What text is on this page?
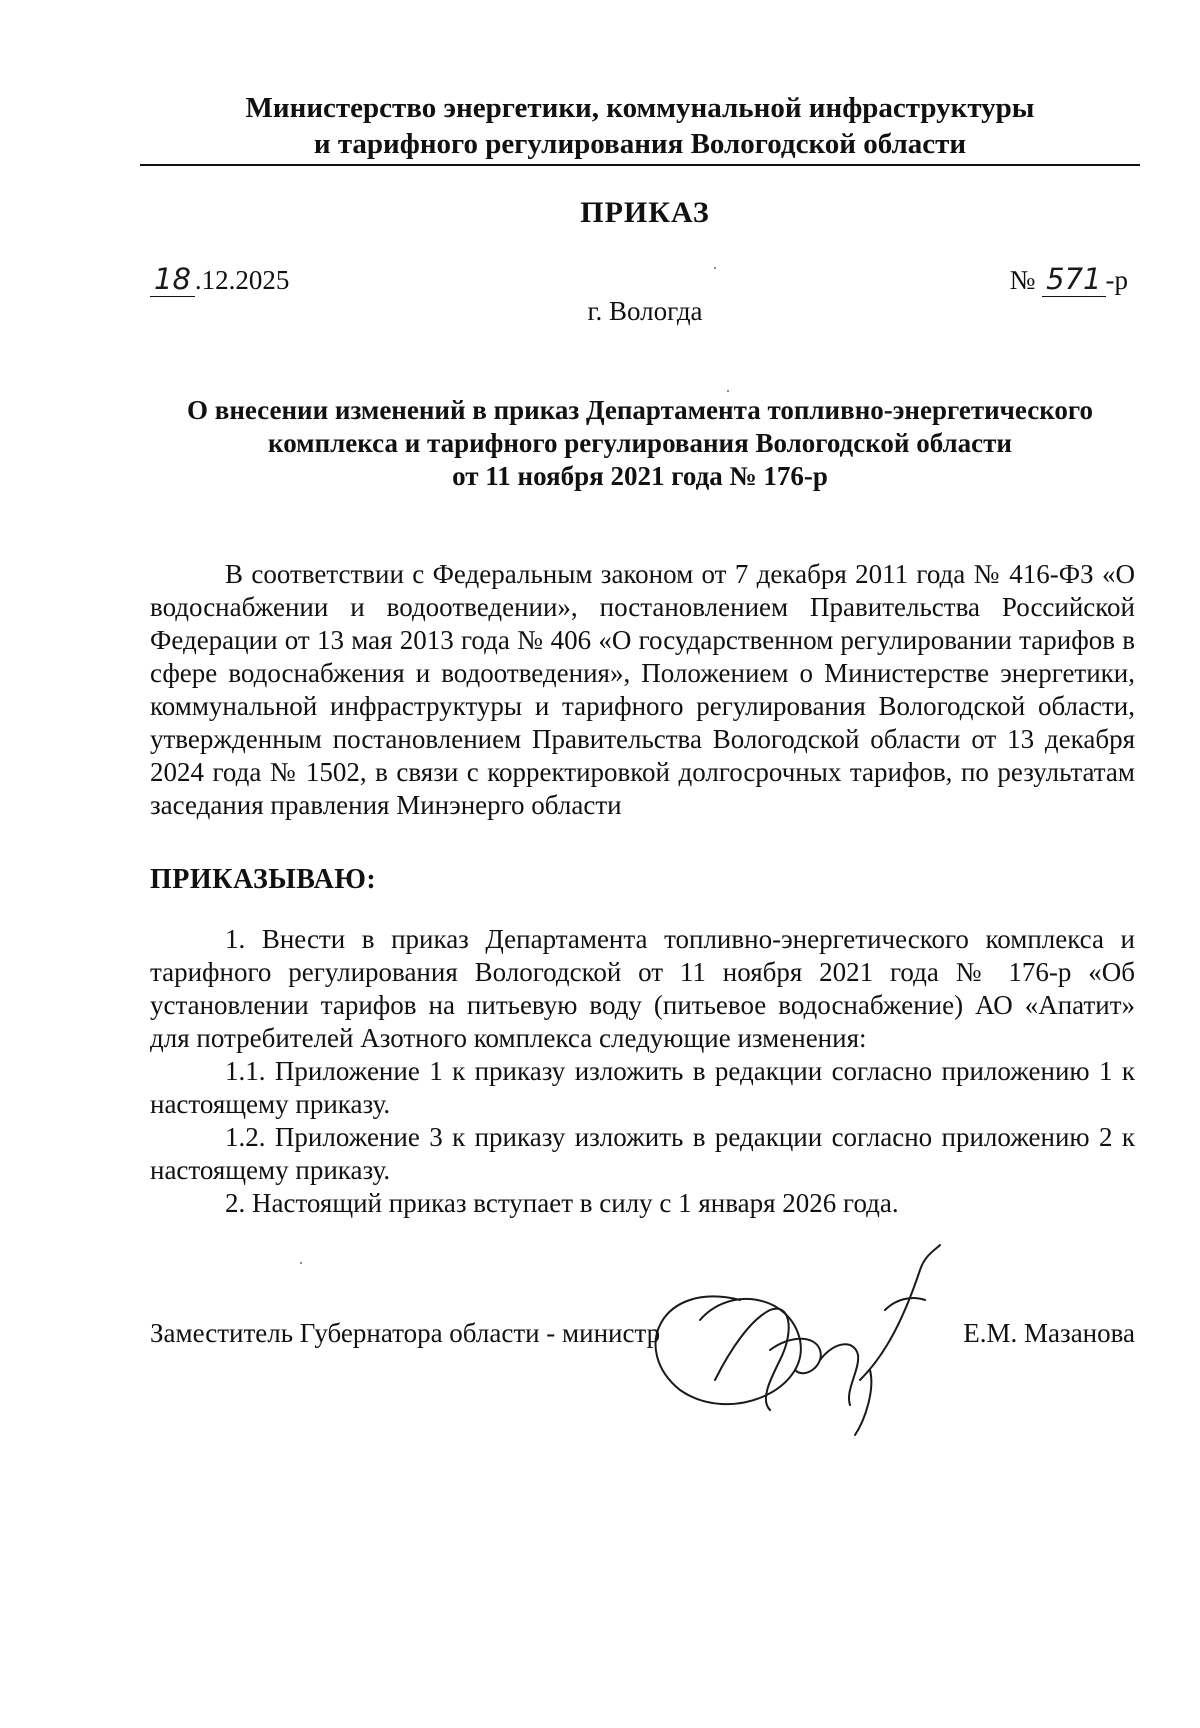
Министерство энергетики, коммунальной инфраструктуры
и тарифного регулирования Вологодской области
ПРИКАЗ
18 .12.2025	№ 571 -р
г. Вологда
О внесении изменений в приказ Департамента топливно-энергетического
комплекса и тарифного регулирования Вологодской области
от 11 ноября 2021 года № 176-р
В соответствии с Федеральным законом от 7 декабря 2011 года № 416-ФЗ «О водоснабжении и водоотведении», постановлением Правительства Российской Федерации от 13 мая 2013 года № 406 «О государственном регулировании тарифов в сфере водоснабжения и водоотведения», Положением о Министерстве энергетики, коммунальной инфраструктуры и тарифного регулирования Вологодской области, утвержденным постановлением Правительства Вологодской области от 13 декабря 2024 года № 1502, в связи с корректировкой долгосрочных тарифов, по результатам заседания правления Минэнерго области
ПРИКАЗЫВАЮ:

1. Внести в приказ Департамента топливно-энергетического комплекса и тарифного регулирования Вологодской от 11 ноября 2021 года № 176-р «Об установлении тарифов на питьевую воду (питьевое водоснабжение) АО «Апатит» для потребителей Азотного комплекса следующие изменения:

1.1. Приложение 1 к приказу изложить в редакции согласно приложению 1 к настоящему приказу.

1.2. Приложение 3 к приказу изложить в редакции согласно приложению 2 к настоящему приказу.

2. Настоящий приказ вступает в силу с 1 января 2026 года.

Заместитель Губернатора области - министр	Е.М. Мазанова
